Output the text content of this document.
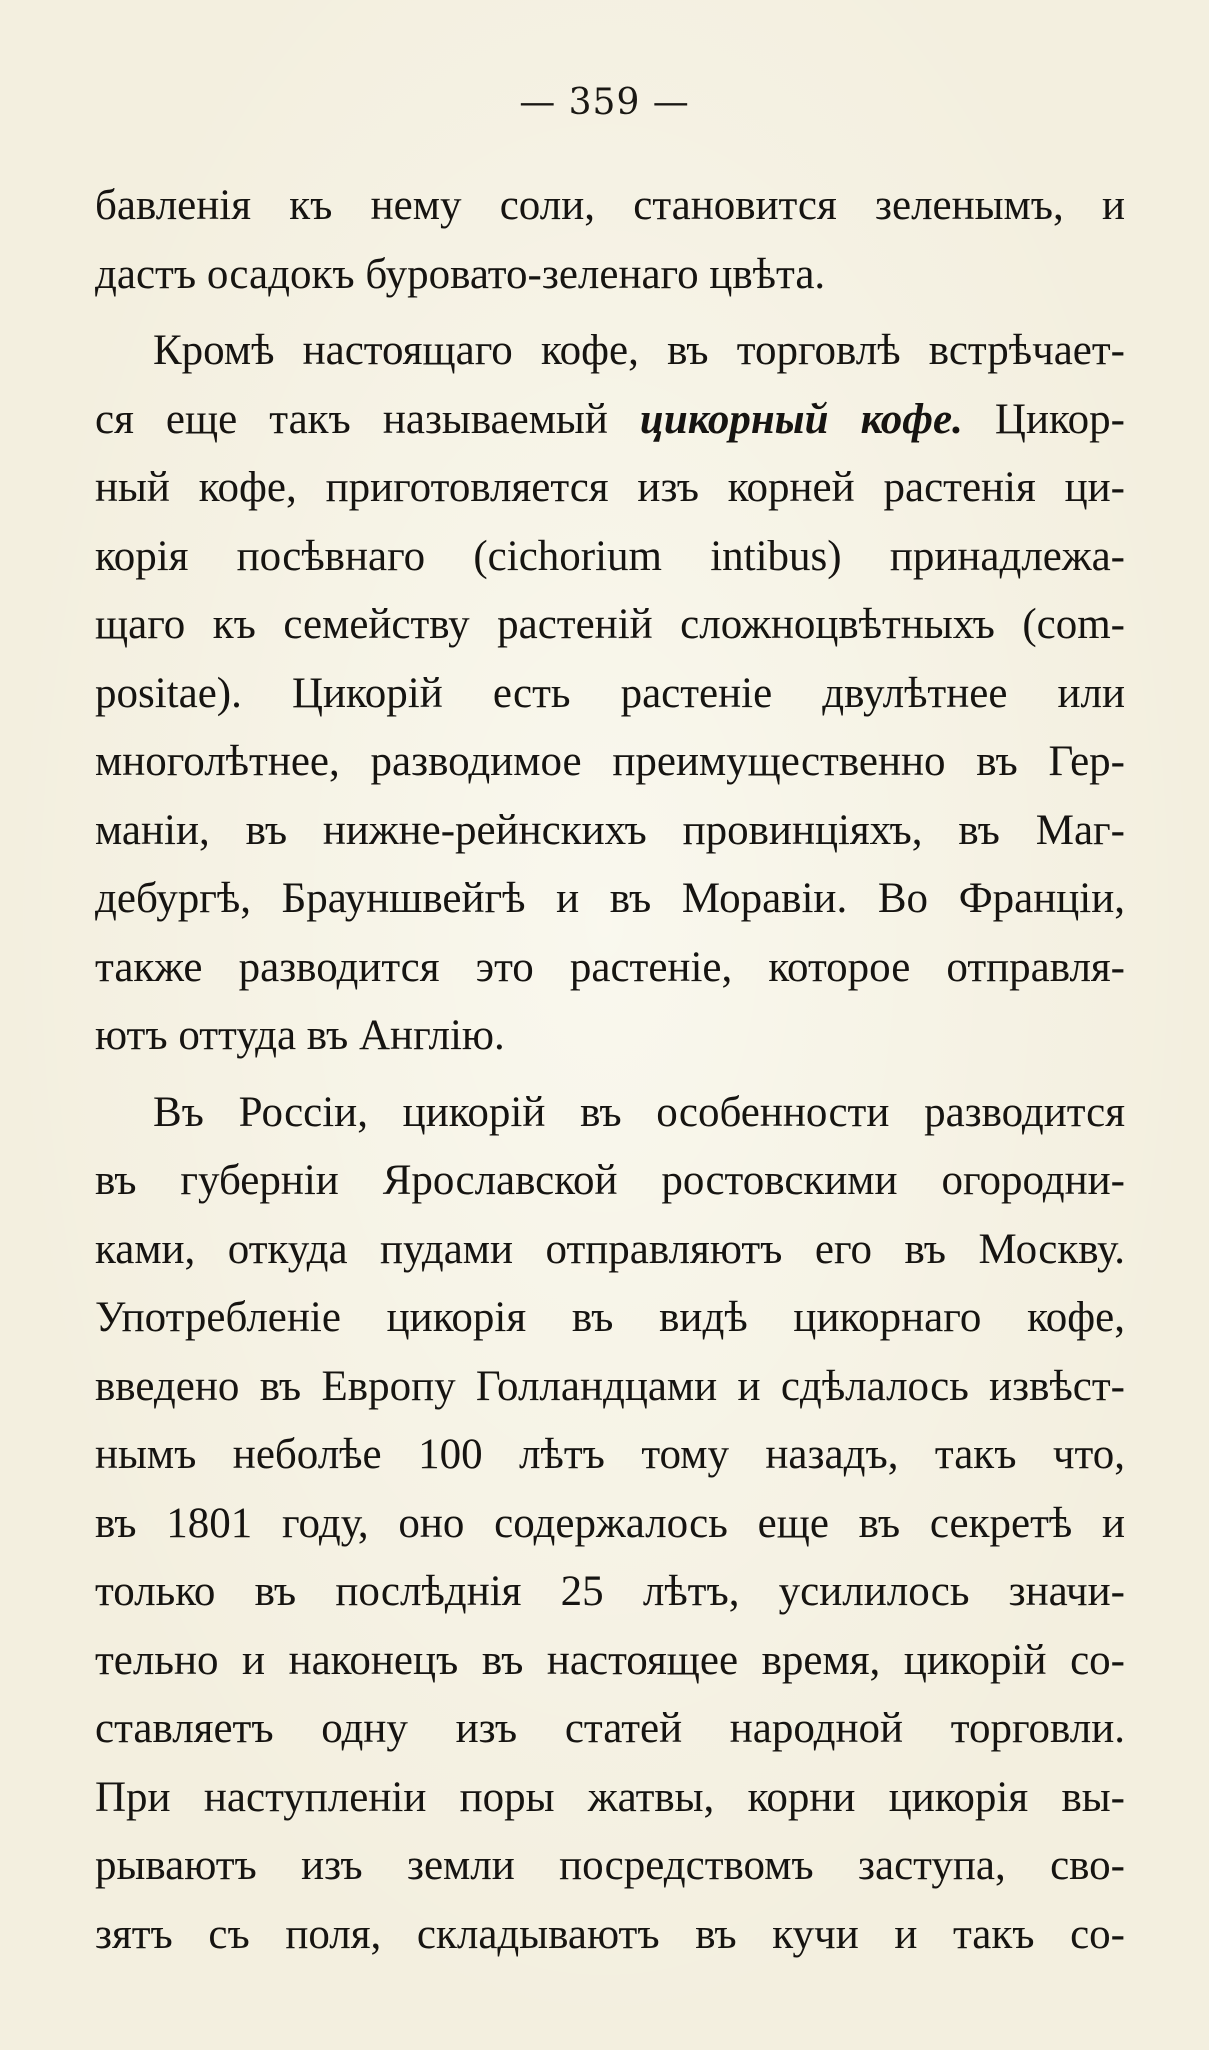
— 359 —
бавленія къ нему соли, становится зеленымъ, и
дастъ осадокъ буровато-зеленаго цвѣта.
Кромѣ настоящаго кофе, въ торговлѣ встрѣчает-
ся еще такъ называемый цикорный кофе. Цикор-
ный кофе, приготовляется изъ корней растенія ци-
корія посѣвнаго (cichorium intibus) принадлежа-
щаго къ семейству растеній сложноцвѣтныхъ (com-
positae). Цикорій есть растеніе двулѣтнее или
многолѣтнее, разводимое преимущественно въ Гер-
маніи, въ нижне-рейнскихъ провинціяхъ, въ Маг-
дебургѣ, Брауншвейгѣ и въ Моравіи. Во Франціи,
также разводится это растеніе, которое отправля-
ютъ оттуда въ Англію.
Въ Россіи, цикорій въ особенности разводится
въ губерніи Ярославской ростовскими огородни-
ками, откуда пудами отправляютъ его въ Москву.
Употребленіе цикорія въ видѣ цикорнаго кофе,
введено въ Европу Голландцами и сдѣлалось извѣст-
нымъ неболѣе 100 лѣтъ тому назадъ, такъ что,
въ 1801 году, оно содержалось еще въ секретѣ и
только въ послѣднія 25 лѣтъ, усилилось значи-
тельно и наконецъ въ настоящее время, цикорій со-
ставляетъ одну изъ статей народной торговли.
При наступленіи поры жатвы, корни цикорія вы-
рываютъ изъ земли посредствомъ заступа, сво-
зятъ съ поля, складываютъ въ кучи и такъ со-
